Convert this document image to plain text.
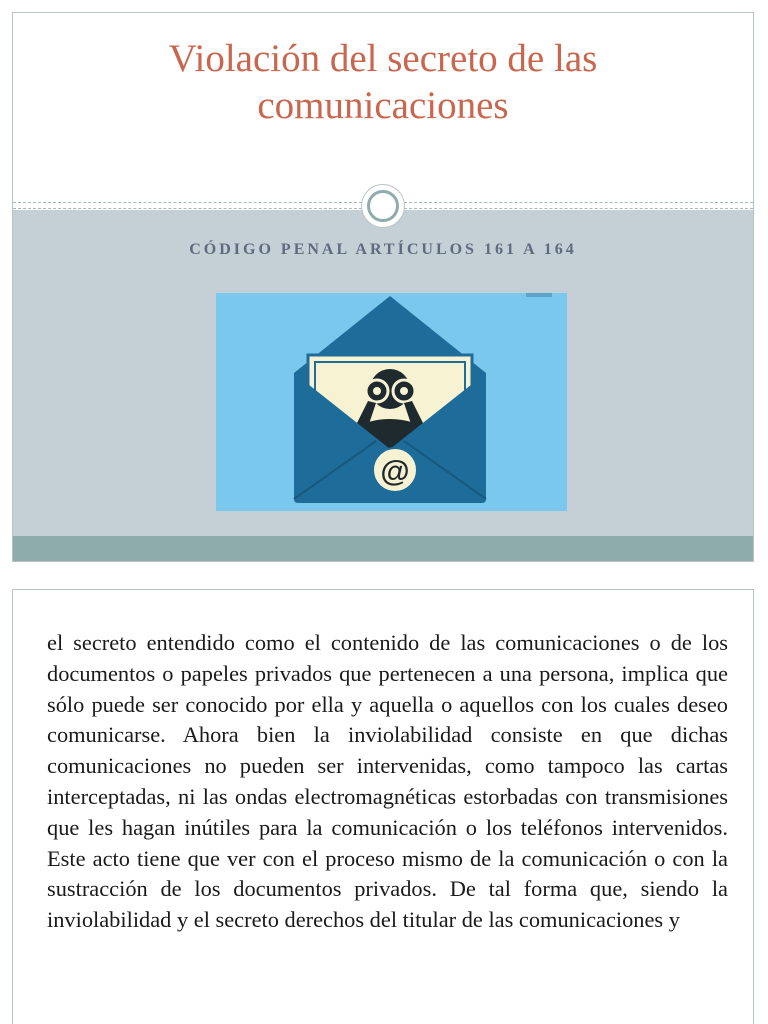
Violación del secreto de las
comunicaciones

CÓDIGO PENAL ARTÍCULOS 161 A 164

@

el secreto entendido como el contenido de las comunicaciones o de los documentos o papeles privados que pertenecen a una persona, implica que sólo puede ser conocido por ella y aquella o aquellos con los cuales deseo comunicarse. Ahora bien la inviolabilidad consiste en que dichas comunicaciones no pueden ser intervenidas, como tampoco las cartas interceptadas, ni las ondas electromagnéticas estorbadas con transmisiones que les hagan inútiles para la comunicación o los teléfonos intervenidos. Este acto tiene que ver con el proceso mismo de la comunicación o con la sustracción de los documentos privados. De tal forma que, siendo la inviolabilidad y el secreto derechos del titular de las comunicaciones y
